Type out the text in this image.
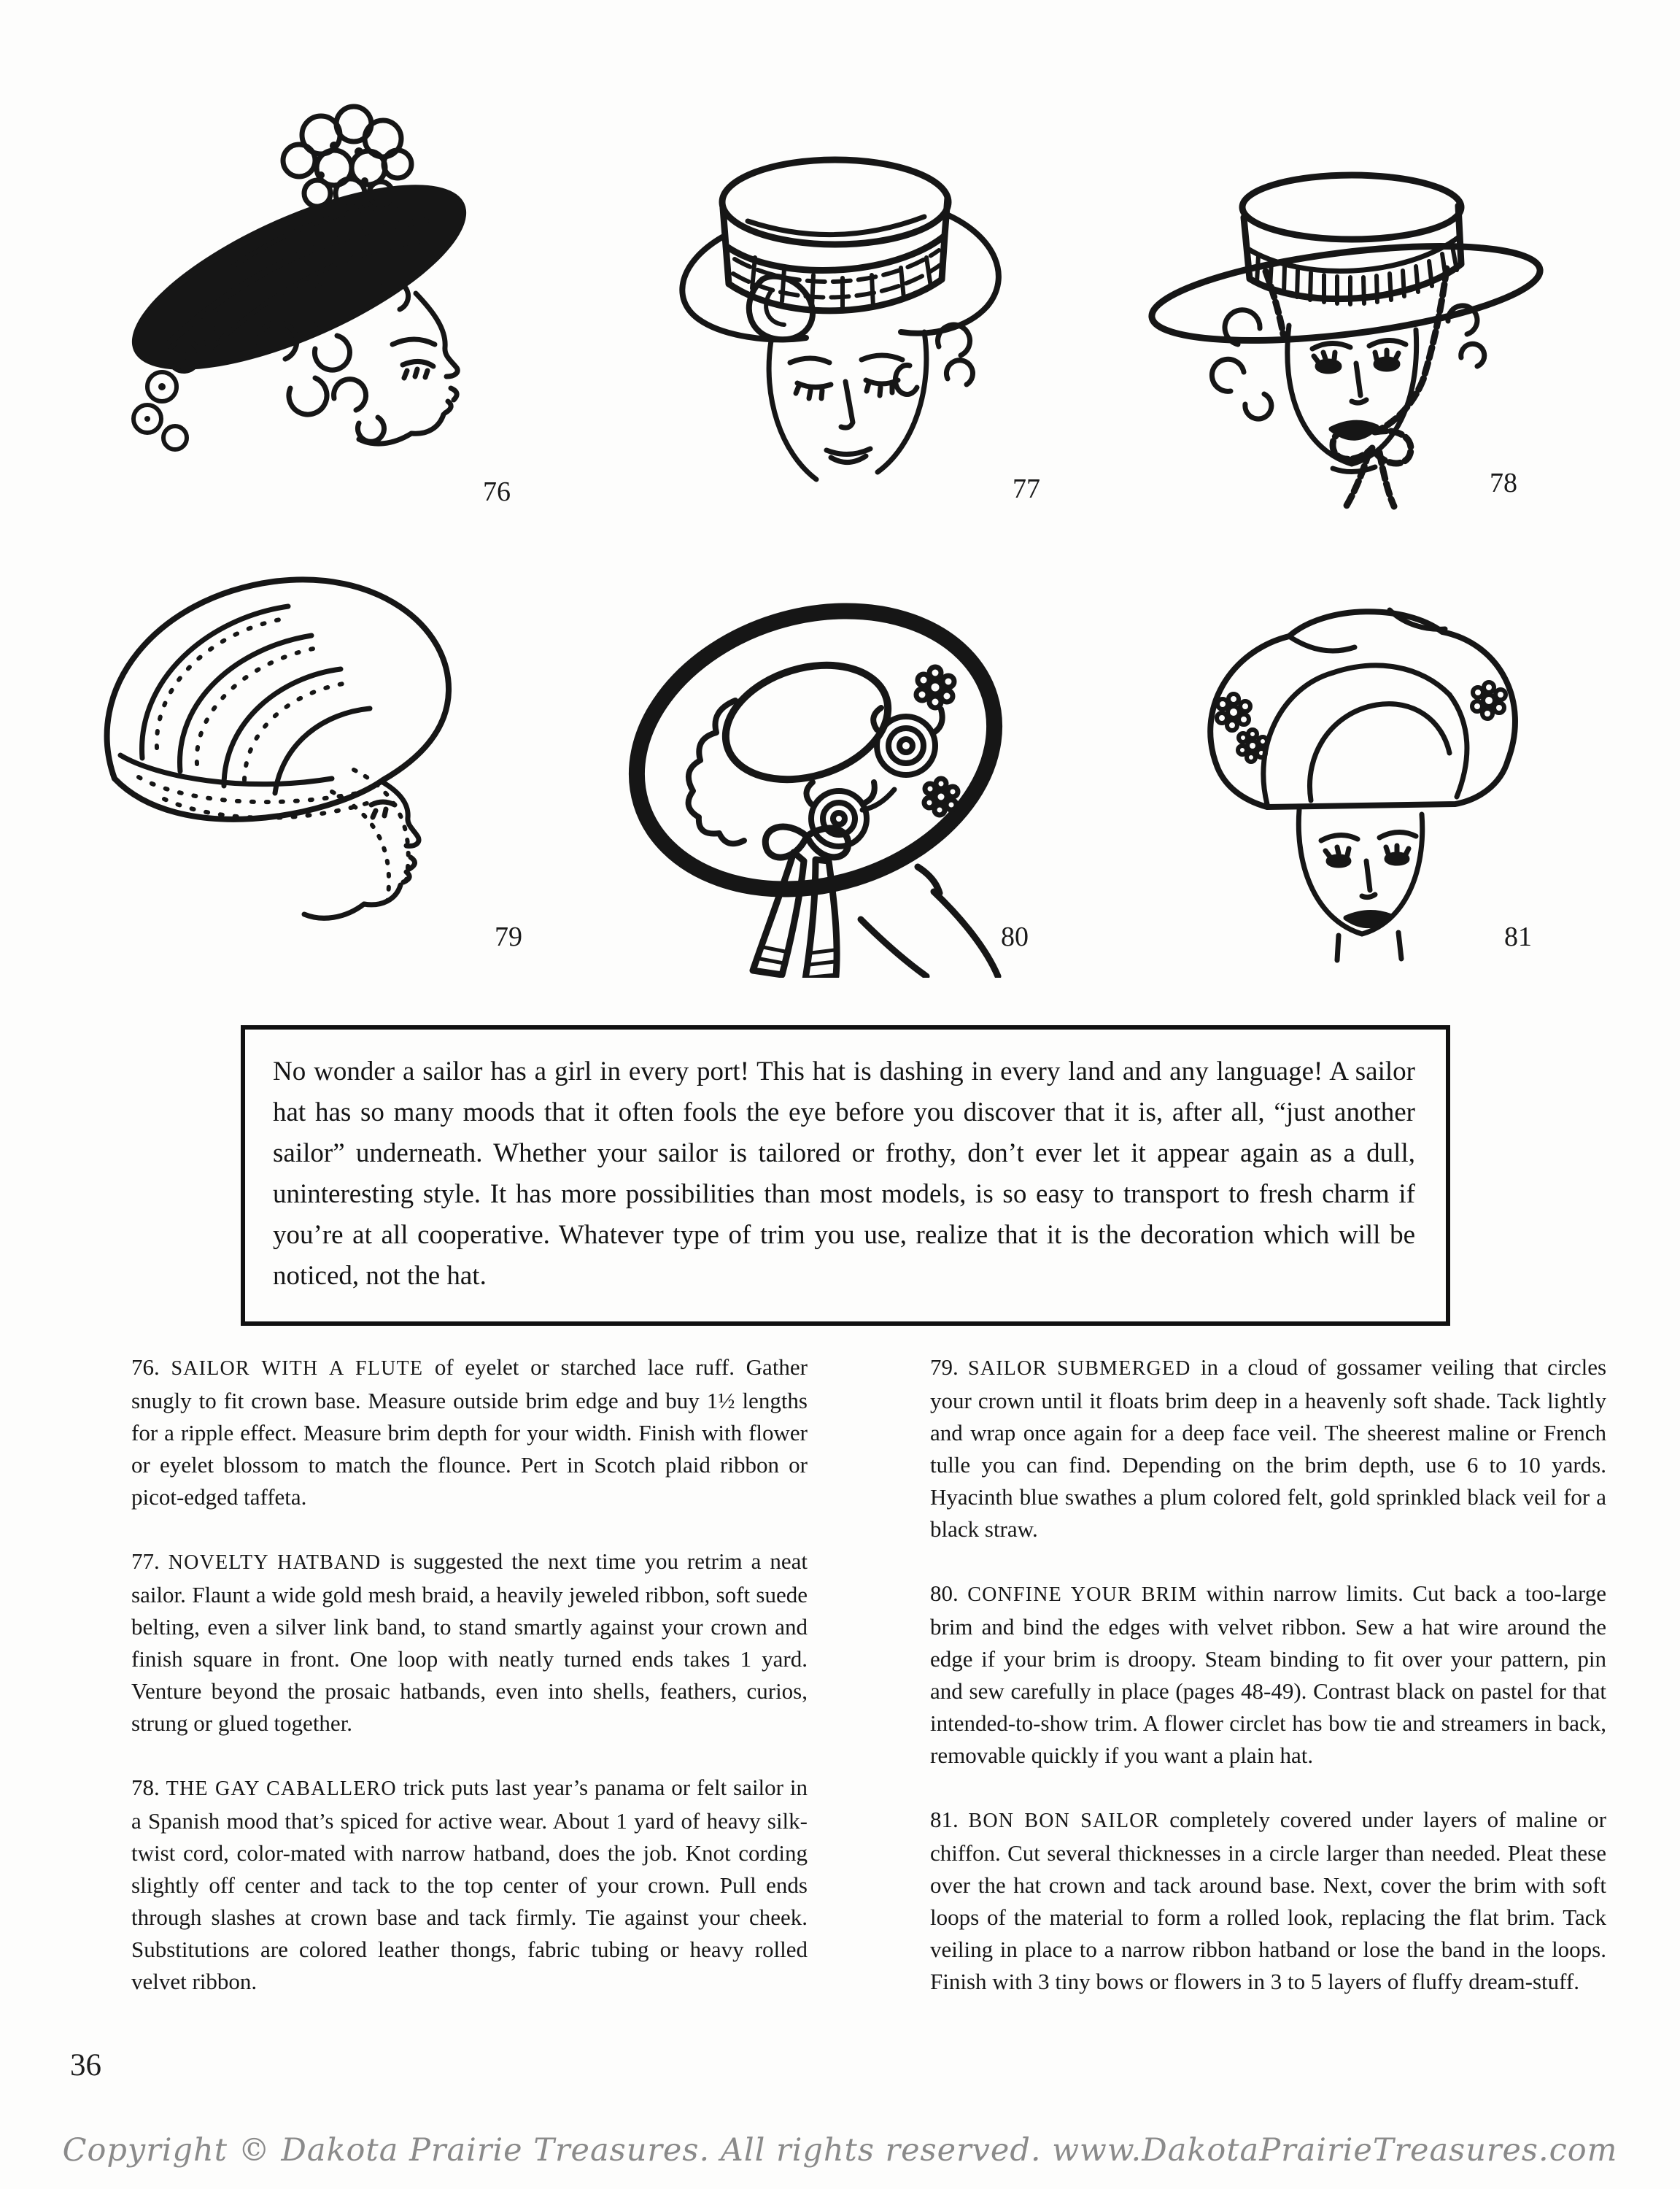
76	77	78
79	80	81

No wonder a sailor has a girl in every port! This hat is dashing in every land and any language! A sailor hat has so many moods that it often fools the eye before you discover that it is, after all, “just another sailor” underneath. Whether your sailor is tailored or frothy, don’t ever let it appear again as a dull, uninteresting style. It has more possibilities than most models, is so easy to transport to fresh charm if you’re at all cooperative. Whatever type of trim you use, realize that it is the decoration which will be noticed, not the hat.

76. SAILOR WITH A FLUTE of eyelet or starched lace ruff. Gather snugly to fit crown base. Measure outside brim edge and buy 1½ lengths for a ripple effect. Measure brim depth for your width. Finish with flower or eyelet blossom to match the flounce. Pert in Scotch plaid ribbon or picot-edged taffeta.

77. NOVELTY HATBAND is suggested the next time you retrim a neat sailor. Flaunt a wide gold mesh braid, a heavily jeweled ribbon, soft suede belting, even a silver link band, to stand smartly against your crown and finish square in front. One loop with neatly turned ends takes 1 yard. Venture beyond the prosaic hatbands, even into shells, feathers, curios, strung or glued together.

78. THE GAY CABALLERO trick puts last year’s panama or felt sailor in a Spanish mood that’s spiced for active wear. About 1 yard of heavy silk-twist cord, color-mated with narrow hatband, does the job. Knot cording slightly off center and tack to the top center of your crown. Pull ends through slashes at crown base and tack firmly. Tie against your cheek. Substitutions are colored leather thongs, fabric tubing or heavy rolled velvet ribbon.

79. SAILOR SUBMERGED in a cloud of gossamer veiling that circles your crown until it floats brim deep in a heavenly soft shade. Tack lightly and wrap once again for a deep face veil. The sheerest maline or French tulle you can find. Depending on the brim depth, use 6 to 10 yards. Hyacinth blue swathes a plum colored felt, gold sprinkled black veil for a black straw.

80. CONFINE YOUR BRIM within narrow limits. Cut back a too-large brim and bind the edges with velvet ribbon. Sew a hat wire around the edge if your brim is droopy. Steam binding to fit over your pattern, pin and sew carefully in place (pages 48-49). Contrast black on pastel for that intended-to-show trim. A flower circlet has bow tie and streamers in back, removable quickly if you want a plain hat.

81. BON BON SAILOR completely covered under layers of maline or chiffon. Cut several thicknesses in a circle larger than needed. Pleat these over the hat crown and tack around base. Next, cover the brim with soft loops of the material to form a rolled look, replacing the flat brim. Tack veiling in place to a narrow ribbon hatband or lose the band in the loops. Finish with 3 tiny bows or flowers in 3 to 5 layers of fluffy dream-stuff.

36
Copyright © Dakota Prairie Treasures. All rights reserved. www.DakotaPrairieTreasures.com
